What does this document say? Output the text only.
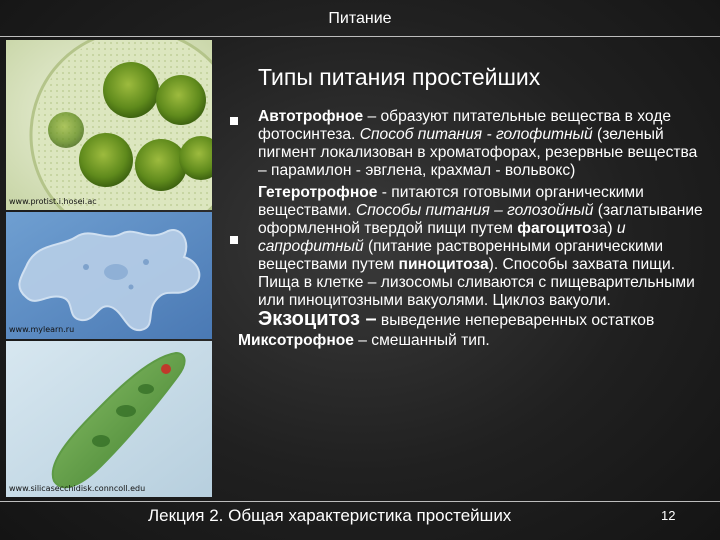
Питание
Типы питания простейших
www.protist.i.hosei.ac
www.mylearn.ru
www.silicasecchidisk.conncoll.edu

Автотрофное – образуют питательные вещества в ходе фотосинтеза. Способ питания - голофитный (зеленый пигмент локализован в хроматофорах, резервные вещества – парамилон - эвглена, крахмал - вольвокс)

Гетеротрофное - питаются готовыми органическими веществами. Способы питания – голозойный (заглатывание оформленной твердой пищи путем фагоцитоза) и сапрофитный (питание растворенными органическими веществами путем пиноцитоза). Способы захвата пищи. Пища в клетке – лизосомы сливаются с пищеварительными или пиноцитозными вакуолями. Циклоз вакуоли. Экзоцитоз – выведение непереваренных остатков

Миксотрофное – смешанный тип.

Лекция 2. Общая характеристика простейших	12
